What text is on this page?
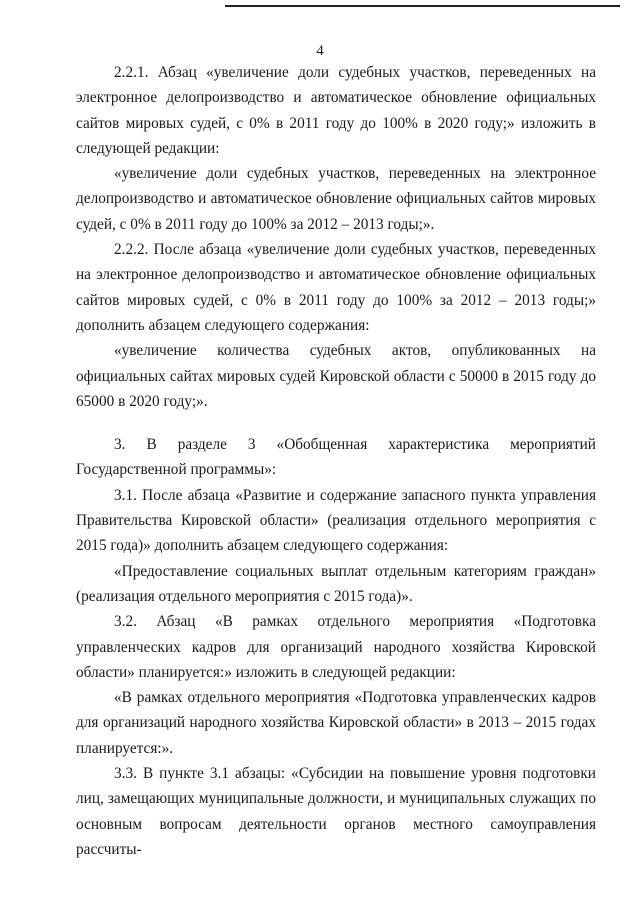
4

2.2.1. Абзац «увеличение доли судебных участков, переведенных на электронное делопроизводство и автоматическое обновление официальных сайтов мировых судей, с 0% в 2011 году до 100% в 2020 году;» изложить в следующей редакции:

«увеличение доли судебных участков, переведенных на электронное делопроизводство и автоматическое обновление официальных сайтов мировых судей, с 0% в 2011 году до 100% за 2012 – 2013 годы;».

2.2.2. После абзаца «увеличение доли судебных участков, переведенных на электронное делопроизводство и автоматическое обновление официальных сайтов мировых судей, с 0% в 2011 году до 100% за 2012 – 2013 годы;» дополнить абзацем следующего содержания:

«увеличение количества судебных актов, опубликованных на официальных сайтах мировых судей Кировской области с 50000 в 2015 году до 65000 в 2020 году;».

3. В разделе 3 «Обобщенная характеристика мероприятий Государственной программы»:

3.1. После абзаца «Развитие и содержание запасного пункта управления Правительства Кировской области» (реализация отдельного мероприятия с 2015 года)» дополнить абзацем следующего содержания:

«Предоставление социальных выплат отдельным категориям граждан» (реализация отдельного мероприятия с 2015 года)».

3.2. Абзац «В рамках отдельного мероприятия «Подготовка управленческих кадров для организаций народного хозяйства Кировской области» планируется:» изложить в следующей редакции:

«В рамках отдельного мероприятия «Подготовка управленческих кадров для организаций народного хозяйства Кировской области» в 2013 – 2015 годах планируется:».

3.3. В пункте 3.1 абзацы: «Субсидии на повышение уровня подготовки лиц, замещающих муниципальные должности, и муниципальных служащих по основным вопросам деятельности органов местного самоуправления рассчиты-
